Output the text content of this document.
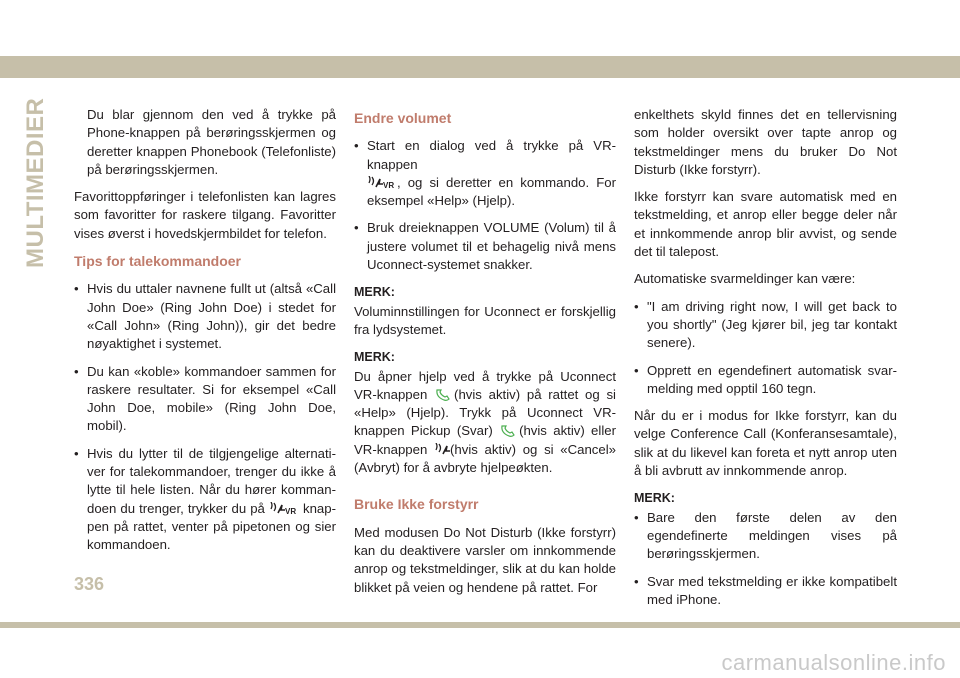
MULTIMEDIER	Du blar gjennom den ved å trykke på Phone-knappen på berøringsskjermen og deretter knappen Phonebook (Telefonliste) på berøringsskjermen.

Favorittoppføringer i telefonlisten kan lagres som favoritter for raskere tilgang. Favoritter vises øverst i hovedskjermbildet for telefon.

Tips for talekommandoer

• Hvis du uttaler navnene fullt ut (altså «Call John Doe» (Ring John Doe) i stedet for «Call John» (Ring John)), gir det bedre nøyaktighet i systemet.

• Du kan «koble» kommandoer sammen for raskere resultater. Si for eksempel «Call John Doe, mobile» (Ring John Doe, mobil).

• Hvis du lytter til de tilgjengelige alternativer for talekommandoer, trenger du ikke å lytte til hele listen. Når du hører kommandoen du trenger, trykker du på	VR knappen på rattet, venter på pipetonen og sier kommandoen.

Endre volumet

• Start en dialog ved å trykke på VR-knappen

VR , og si deretter en kommando. For eksempel «Help» (Hjelp).

• Bruk dreieknappen VOLUME (Volum) til å justere volumet til et behagelig nivå mens Uconnect-systemet snakker.

MERK:

Voluminnstillingen for Uconnect er forskjellig fra lydsystemet.

MERK:

Du åpner hjelp ved å trykke på Uconnect VR-knappen (hvis aktiv) på rattet og si «Help» (Hjelp). Trykk på Uconnect VR-knappen Pickup (Svar) (hvis aktiv) eller VR-knappen (hvis aktiv) og si «Cancel» (Avbryt) for å avbryte hjelpeøkten.

Bruke Ikke forstyrr

Med modusen Do Not Disturb (Ikke forstyrr) kan du deaktivere varsler om innkommende anrop og tekstmeldinger, slik at du kan holde blikket på veien og hendene på rattet. For

enkelthets skyld finnes det en tellervisning som holder oversikt over tapte anrop og tekstmeldinger mens du bruker Do Not Disturb (Ikke forstyrr).

Ikke forstyrr kan svare automatisk med en tekstmelding, et anrop eller begge deler når et innkommende anrop blir avvist, og sende det til talepost.

Automatiske svarmeldinger kan være:

• "I am driving right now, I will get back to you shortly" (Jeg kjører bil, jeg tar kontakt senere).

• Opprett en egendefinert automatisk svarmelding med opptil 160 tegn.

Når du er i modus for Ikke forstyrr, kan du velge Conference Call (Konferansesamtale), slik at du likevel kan foreta et nytt anrop uten å bli avbrutt av innkommende anrop.

MERK:

• Bare den første delen av den egendefinerte meldingen vises på berøringsskjermen.

• Svar med tekstmelding er ikke kompatibelt med iPhone.

336
carmanualsonline.info
